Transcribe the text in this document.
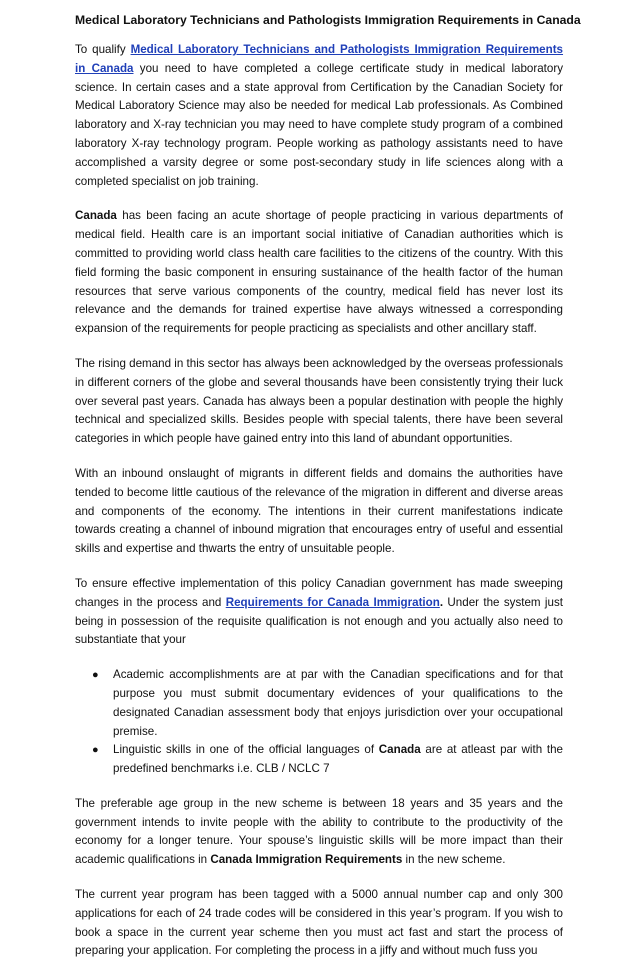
Medical Laboratory Technicians and Pathologists Immigration Requirements in Canada

To qualify Medical Laboratory Technicians and Pathologists Immigration Requirements in Canada you need to have completed a college certificate study in medical laboratory science. In certain cases and a state approval from Certification by the Canadian Society for Medical Laboratory Science may also be needed for medical Lab professionals. As Combined laboratory and X-ray technician you may need to have complete study program of a combined laboratory X-ray technology program. People working as pathology assistants need to have accomplished a varsity degree or some post-secondary study in life sciences along with a completed specialist on job training.

Canada has been facing an acute shortage of people practicing in various departments of medical field. Health care is an important social initiative of Canadian authorities which is committed to providing world class health care facilities to the citizens of the country. With this field forming the basic component in ensuring sustainance of the health factor of the human resources that serve various components of the country, medical field has never lost its relevance and the demands for trained expertise have always witnessed a corresponding expansion of the requirements for people practicing as specialists and other ancillary staff.

The rising demand in this sector has always been acknowledged by the overseas professionals in different corners of the globe and several thousands have been consistently trying their luck over several past years. Canada has always been a popular destination with people the highly technical and specialized skills. Besides people with special talents, there have been several categories in which people have gained entry into this land of abundant opportunities.

With an inbound onslaught of migrants in different fields and domains the authorities have tended to become little cautious of the relevance of the migration in different and diverse areas and components of the economy. The intentions in their current manifestations indicate towards creating a channel of inbound migration that encourages entry of useful and essential skills and expertise and thwarts the entry of unsuitable people.

To ensure effective implementation of this policy Canadian government has made sweeping changes in the process and Requirements for Canada Immigration. Under the system just being in possession of the requisite qualification is not enough and you actually also need to substantiate that your

● Academic accomplishments are at par with the Canadian specifications and for that purpose you must submit documentary evidences of your qualifications to the designated Canadian assessment body that enjoys jurisdiction over your occupational premise.
● Linguistic skills in one of the official languages of Canada are at atleast par with the predefined benchmarks i.e. CLB / NCLC 7

The preferable age group in the new scheme is between 18 years and 35 years and the government intends to invite people with the ability to contribute to the productivity of the economy for a longer tenure. Your spouse’s linguistic skills will be more impact than their academic qualifications in Canada Immigration Requirements in the new scheme.

The current year program has been tagged with a 5000 annual number cap and only 300 applications for each of 24 trade codes will be considered in this year’s program. If you wish to book a space in the current year scheme then you must act fast and start the process of preparing your application. For completing the process in a jiffy and without much fuss you
